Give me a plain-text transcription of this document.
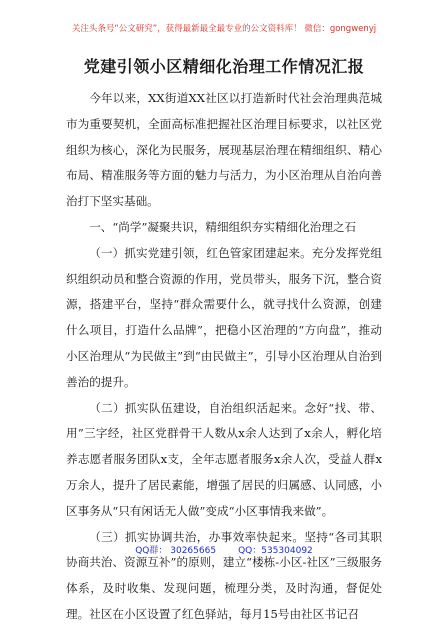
关注头条号“公文研究”，获得最新最全最专业的公文资料库！ 微信：gongwenyj
党建引领小区精细化治理工作情况汇报

今年以来，XX街道XX社区以打造新时代社会治理典范城市为重要契机，全面高标准把握社区治理目标要求，以社区党组织为核心，深化为民服务，展现基层治理在精细组织、精心布局、精准服务等方面的魅力与活力，为小区治理从自治向善治打下坚实基础。

一、“尚学”凝聚共识，精细组织夯实精细化治理之石

（一）抓实党建引领，红色管家团建起来。充分发挥党组织组织动员和整合资源的作用，党员带头，服务下沉，整合资源，搭建平台，坚持“群众需要什么，就寻找什么资源，创建什么项目，打造什么品牌”，把稳小区治理的“方向盘”，推动小区治理从“为民做主”到“由民做主”，引导小区治理从自治到善治的提升。

（二）抓实队伍建设，自治组织活起来。念好“找、带、用”三字经，社区党群骨干人数从x余人达到了x余人，孵化培养志愿者服务团队x支，全年志愿者服务x余人次，受益人群x万余人，提升了居民素能，增强了居民的归属感、认同感，小区事务从“只有闲话无人做”变成“小区事情我来做”。

（三）抓实协调共治，办事效率快起来。坚持“各司其职协商共治、资源互补”的原则，建立“楼栋-小区-社区”三级服务体系，及时收集、发现问题，梳理分类，及时沟通，督促处理。社区在小区设置了红色驿站，每月15号由社区书记召

QQ群： 30265665 QQ：535304092
